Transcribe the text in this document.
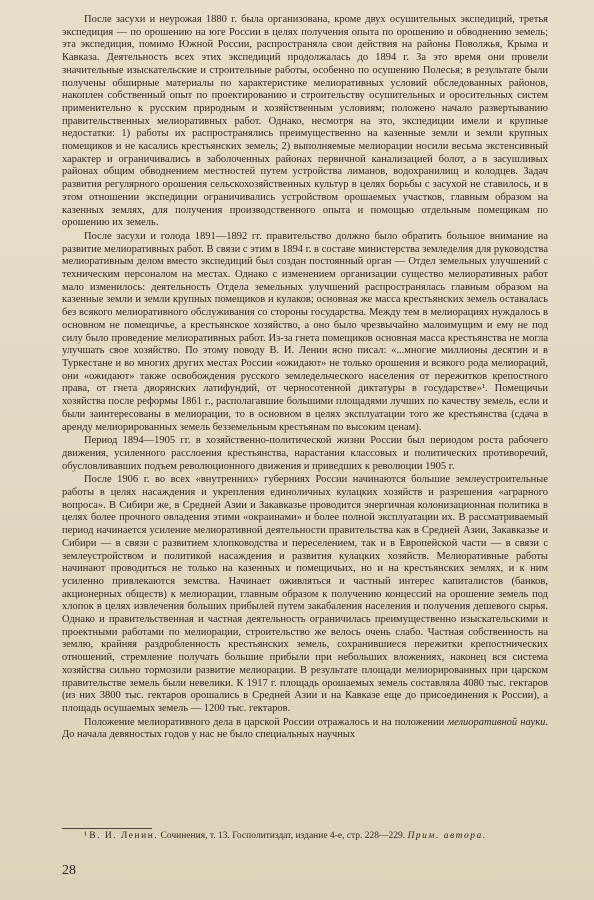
После засухи и неурожая 1880 г. была организована, кроме двух осушительных экспедиций, третья экспедиция — по орошению на юге России в целях получения опыта по орошению и обводнению земель; эта экспедиция, помимо Южной России, распространяла свои действия на районы Поволжья, Крыма и Кавказа. Деятельность всех этих экспедиций продолжалась до 1894 г. За это время они провели значительные изыскательские и строительные работы, особенно по осушению Полесья; в результате были получены обширные материалы по характеристике мелиоративных условий обследованных районов, накоплен собственный опыт по проектированию и строительству осушительных и оросительных систем применительно к русским природным и хозяйственным условиям; положено начало развертыванию правительственных мелиоративных работ. Однако, несмотря на это, экспедиции имели и крупные недостатки: 1) работы их распространялись преимущественно на казенные земли и земли крупных помещиков и не касались крестьянских земель; 2) выполняемые мелиорации носили весьма экстенсивный характер и ограничивались в заболоченных районах первичной канализацией болот, а в засушливых районах общим обводнением местностей путем устройства лиманов, водохранилищ и колодцев. Задач развития регулярного орошения сельскохозяйственных культур в целях борьбы с засухой не ставилось, и в этом отношении экспедиции ограничивались устройством орошаемых участков, главным образом на казенных землях, для получения производственного опыта и помощью отдельным помещикам по орошению их земель.

После засухи и голода 1891—1892 гг. правительство должно было обратить большое внимание на развитие мелиоративных работ. В связи с этим в 1894 г. в составе министерства земледелия для руководства мелиоративным делом вместо экспедиций был создан постоянный орган — Отдел земельных улучшений с техническим персоналом на местах. Однако с изменением организации существо мелиоративных работ мало изменилось: деятельность Отдела земельных улучшений распространялась главным образом на казенные земли и земли крупных помещиков и кулаков; основная же масса крестьянских земель оставалась без всякого мелиоративного обслуживания со стороны государства. Между тем в мелиорациях нуждалось в основном не помещичье, а крестьянское хозяйство, а оно было чрезвычайно малоимущим и ему не под силу было проведение мелиоративных работ. Из-за гнета помещиков основная масса крестьянства не могла улучшать свое хозяйство. По этому поводу В. И. Ленин ясно писал: «...многие миллионы десятин и в Туркестане и во многих других местах России «ожидают» не только орошения и всякого рода мелиораций, они «ожидают» также освобождения русского земледельческого населения от пережитков крепостного права, от гнета дворянских латифундий, от черносотенной диктатуры в государстве»¹. Помещичьи хозяйства после реформы 1861 г., располагавшие большими площадями лучших по качеству земель, если и были заинтересованы в мелиорации, то в основном в целях эксплуатации того же крестьянства (сдача в аренду мелиорированных земель безземельным крестьянам по высоким ценам).

Период 1894—1905 гг. в хозяйственно-политической жизни России был периодом роста рабочего движения, усиленного расслоения крестьянства, нарастания классовых и политических противоречий, обусловливавших подъем революционного движения и приведших к революции 1905 г.

После 1906 г. во всех «внутренних» губерниях России начинаются большие землеустроительные работы в целях насаждения и укрепления единоличных кулацких хозяйств и разрешения «аграрного вопроса». В Сибири же, в Средней Азии и Закавказье проводится энергичная колонизационная политика в целях более прочного овладения этими «окраинами» и более полной эксплуатации их. В рассматриваемый период начинается усиление мелиоративной деятельности правительства как в Средней Азии, Закавказье и Сибири — в связи с развитием хлопководства и переселением, так и в Европейской части — в связи с землеустройством и политикой насаждения и развития кулацких хозяйств. Мелиоративные работы начинают проводиться не только на казенных и помещичьих, но и на крестьянских землях, и к ним усиленно привлекаются земства. Начинает оживляться и частный интерес капиталистов (банков, акционерных обществ) к мелиорации, главным образом к получению концессий на орошение земель под хлопок в целях извлечения больших прибылей путем закабаления населения и получения дешевого сырья. Однако и правительственная и частная деятельность ограничилась преимущественно изыскательскими и проектными работами по мелиорации, строительство же велось очень слабо. Частная собственность на землю, крайняя раздробленность крестьянских земель, сохранившиеся пережитки крепостнических отношений, стремление получать большие прибыли при небольших вложениях, наконец вся система хозяйства сильно тормозили развитие мелиорации. В результате площади мелиорированных при царском правительстве земель были невелики. К 1917 г. площадь орошаемых земель составляла 4080 тыс. гектаров (из них 3800 тыс. гектаров орошались в Средней Азии и на Кавказе еще до присоединения к России), а площадь осушаемых земель — 1200 тыс. гектаров.

Положение мелиоративного дела в царской России отражалось и на положении мелиоративной науки. До начала девяностых годов у нас не было специальных научных

¹ В. И. Ленин. Сочинения, т. 13. Госполитиздат, издание 4-е, стр. 228—229. Прим. автора.

28
